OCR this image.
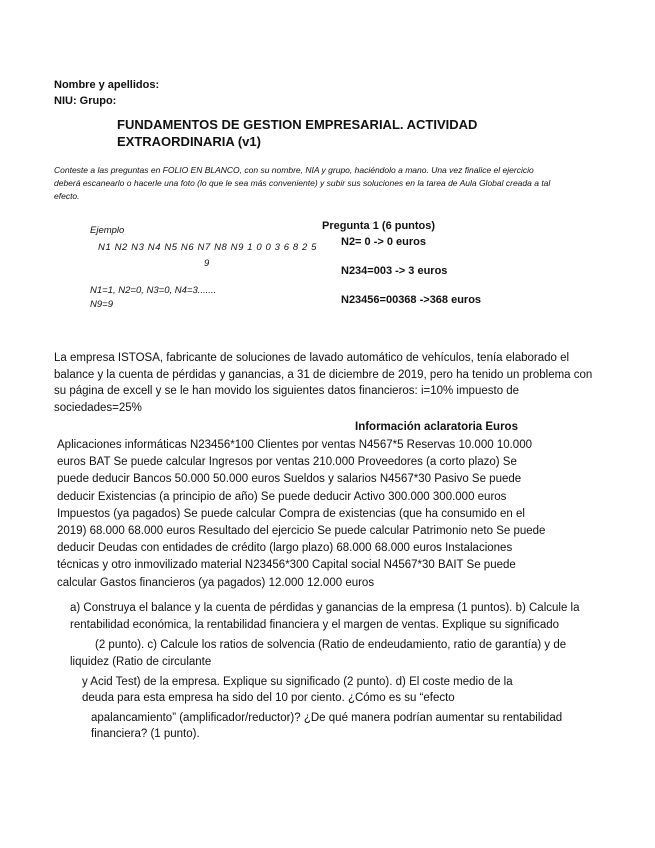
Nombre y apellidos:
NIU: Grupo:
FUNDAMENTOS DE GESTION EMPRESARIAL. ACTIVIDAD
EXTRAORDINARIA (v1)
Conteste a las preguntas en FOLIO EN BLANCO, con su nombre, NIA y grupo, haciéndolo a mano. Una vez finalice el ejercicio
deberá escanearlo o hacerle una foto (lo que le sea más conveniente) y subir sus soluciones en la tarea de Aula Global creada a tal
efecto.
Ejemplo
N1 N2 N3 N4 N5 N6 N7 N8 N9 1 0 0 3 6 8 2 5
9
N1=1, N2=0, N3=0, N4=3.......
N9=9
Pregunta 1 (6 puntos)
N2= 0 -> 0 euros
N234=003 -> 3 euros
N23456=00368 ->368 euros
La empresa ISTOSA, fabricante de soluciones de lavado automático de vehículos, tenía elaborado el
balance y la cuenta de pérdidas y ganancias, a 31 de diciembre de 2019, pero ha tenido un problema con
su página de excell y se le han movido los siguientes datos financieros: i=10% impuesto de
sociedades=25%
Información aclaratoria Euros
Aplicaciones informáticas N23456*100 Clientes por ventas N4567*5 Reservas 10.000 10.000
euros BAT Se puede calcular Ingresos por ventas 210.000 Proveedores (a corto plazo) Se
puede deducir Bancos 50.000 50.000 euros Sueldos y salarios N4567*30 Pasivo Se puede
deducir Existencias (a principio de año) Se puede deducir Activo 300.000 300.000 euros
Impuestos (ya pagados) Se puede calcular Compra de existencias (que ha consumido en el
2019) 68.000 68.000 euros Resultado del ejercicio Se puede calcular Patrimonio neto Se puede
deducir Deudas con entidades de crédito (largo plazo) 68.000 68.000 euros Instalaciones
técnicas y otro inmovilizado material N23456*300 Capital social N4567*30 BAIT Se puede
calcular Gastos financieros (ya pagados) 12.000 12.000 euros
a) Construya el balance y la cuenta de pérdidas y ganancias de la empresa (1 puntos). b) Calcule la
rentabilidad económica, la rentabilidad financiera y el margen de ventas. Explique su significado
(2 punto). c) Calcule los ratios de solvencia (Ratio de endeudamiento, ratio de garantía) y de
liquidez (Ratio de circulante
y Acid Test) de la empresa. Explique su significado (2 punto). d) El coste medio de la
deuda para esta empresa ha sido del 10 por ciento. ¿Cómo es su “efecto
apalancamiento” (amplificador/reductor)? ¿De qué manera podrían aumentar su rentabilidad
financiera? (1 punto).
